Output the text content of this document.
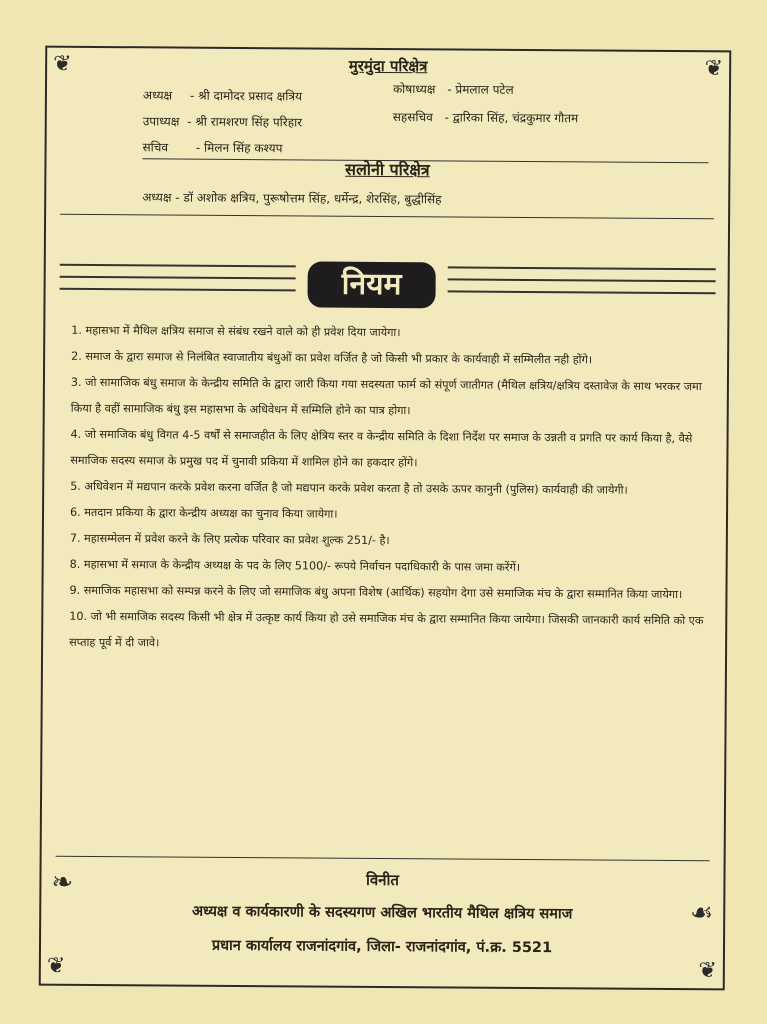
❦	❦
मुरमुंदा परिक्षेत्र
अध्यक्ष - श्री दामोदर प्रसाद क्षत्रिय	कोषाध्यक्ष - प्रेमलाल पटेल
उपाध्यक्ष - श्री रामशरण सिंह परिहार	सहसचिव - द्वारिका सिंह, चंद्रकुमार गौतम
सचिव - मिलन सिंह कश्यप
सलोनी परिक्षेत्र
अध्यक्ष - डॉ अशोक क्षत्रिय, पुरूषोत्तम सिंह, धर्मेन्द्र, शेरसिंह, बुद्धीसिंह
नियम

1. महासभा में मैथिल क्षत्रिय समाज से संबंध रखने वाले को ही प्रवेश दिया जायेगा।

2. समाज के द्वारा समाज से निलंबित स्वाजातीय बंधुओं का प्रवेश वर्जित है जो किसी भी प्रकार के कार्यवाही में सम्मिलीत नही होंगे।

3. जो सामाजिक बंधु समाज के केन्द्रीय समिति के द्वारा जारी किया गया सदस्यता फार्म को संपूर्ण जातीगत (मैथिल क्षत्रिय/क्षत्रिय दस्तावेज के साथ भरकर जमा किया है वहीं सामाजिक बंधु इस महासभा के अधिवेधन में सम्मिलि होने का पात्र होगा।

4. जो समाजिक बंधु विगत 4-5 वर्षों से समाजहीत के लिए क्षेत्रिय स्तर व केन्द्रीय समिति के दिशा निर्देश पर समाज के उन्नती व प्रगति पर कार्य किया है, वैसे समाजिक सदस्य समाज के प्रमुख पद में चुनावी प्रकिया में शामिल होने का हकदार होंगे।

5. अधिवेशन में मद्यपान करके प्रवेश करना वर्जित है जो मद्यपान करके प्रवेश करता है तो उसके ऊपर कानुनी (पुलिस) कार्यवाही की जायेगी।

6. मतदान प्रकिया के द्वारा केन्द्रीय अध्यक्ष का चुनाव किया जायेगा।

7. महासम्मेलन में प्रवेश करने के लिए प्रत्येक परिवार का प्रवेश शुल्क 251/- है।

8. महासभा में समाज के केन्द्रीय अध्यक्ष के पद के लिए 5100/- रूपये निर्वाचन पदाधिकारी के पास जमा करेंगें।

9. समाजिक महासभा को सम्पन्न करने के लिए जो समाजिक बंधु अपना विशेष (आर्थिक) सहयोग देगा उसे समाजिक मंच के द्वारा सम्मानित किया जायेगा।

10. जो भी समाजिक सदस्य किसी भी क्षेत्र में उत्कृष्ट कार्य किया हो उसे समाजिक मंच के द्वारा सम्मानित किया जायेगा। जिसकी जानकारी कार्य समिति को एक सप्ताह पूर्व में दी जावे।

विनीत
अध्यक्ष व कार्यकारणी के सदस्यगण अखिल भारतीय मैथिल क्षत्रिय समाज
प्रधान कार्यालय राजनांदगांव, जिला- राजनांदगांव, पं.क्र. 5521
❧
☙
❦	❦
